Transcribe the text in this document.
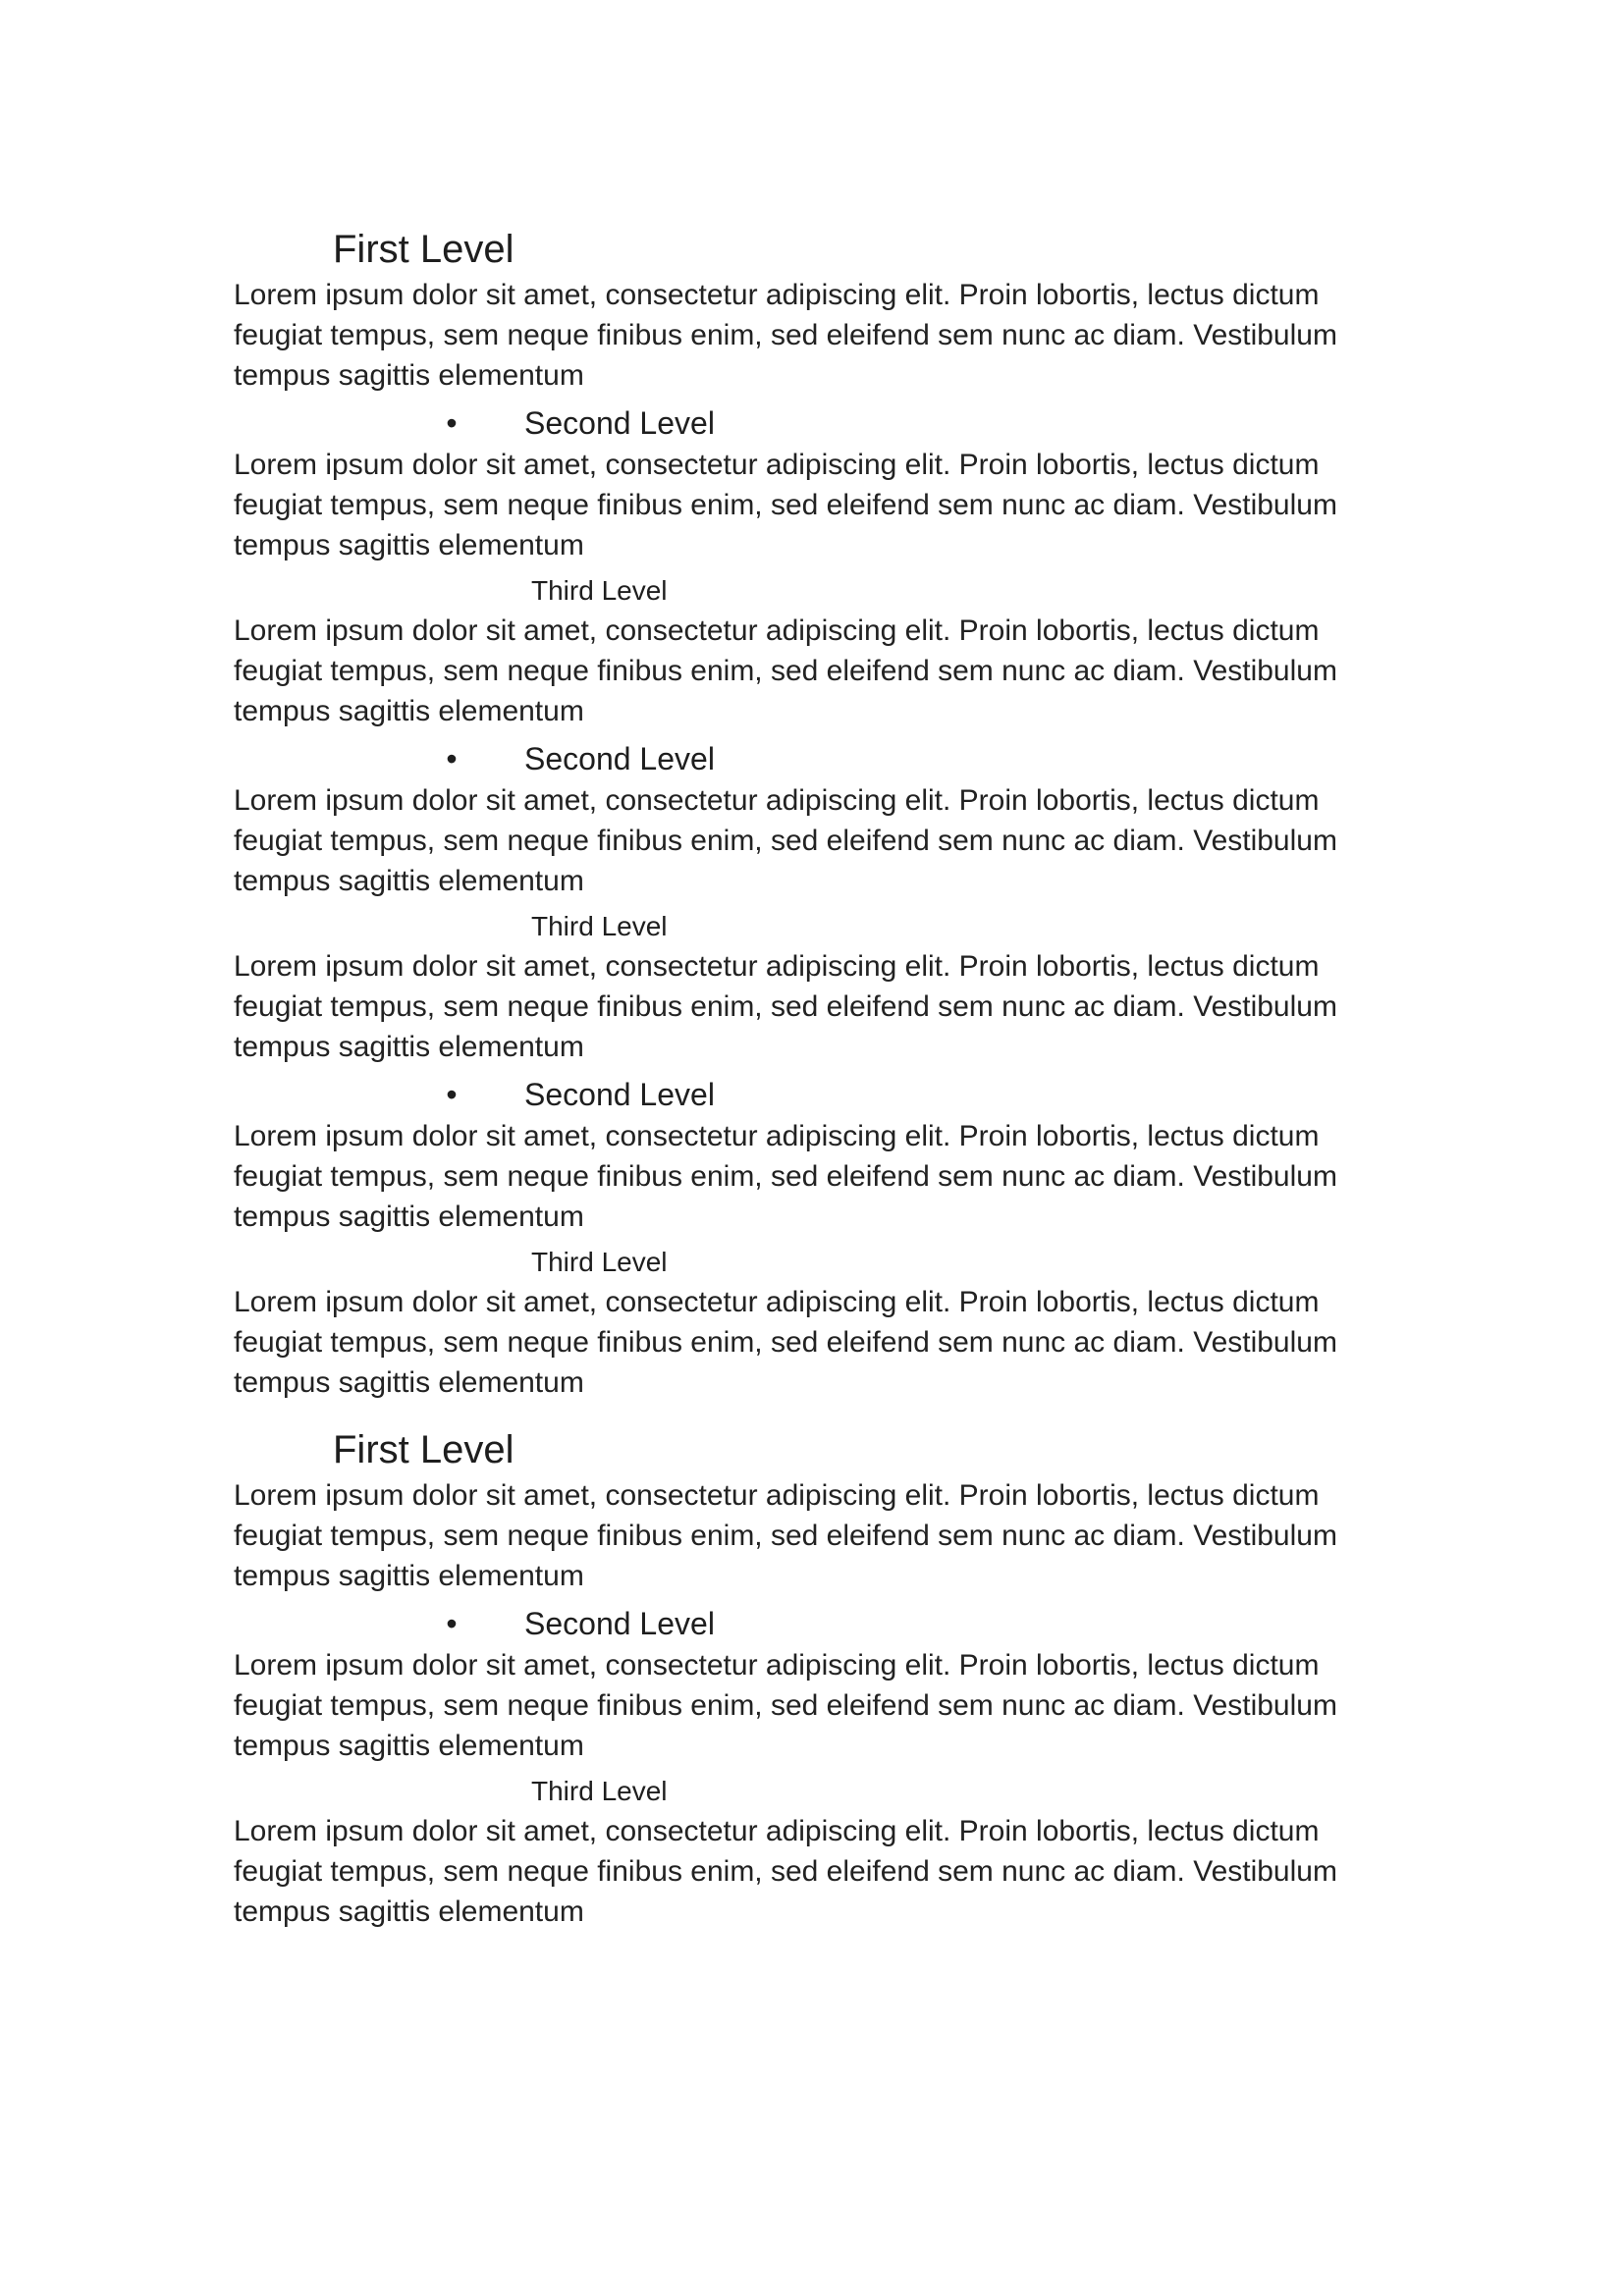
First Level

Lorem ipsum dolor sit amet, consectetur adipiscing elit. Proin lobortis, lectus dictum feugiat tempus, sem neque finibus enim, sed eleifend sem nunc ac diam. Vestibulum tempus sagittis elementum

•	Second Level

Lorem ipsum dolor sit amet, consectetur adipiscing elit. Proin lobortis, lectus dictum feugiat tempus, sem neque finibus enim, sed eleifend sem nunc ac diam. Vestibulum tempus sagittis elementum

Third Level

Lorem ipsum dolor sit amet, consectetur adipiscing elit. Proin lobortis, lectus dictum feugiat tempus, sem neque finibus enim, sed eleifend sem nunc ac diam. Vestibulum tempus sagittis elementum

•	Second Level

Lorem ipsum dolor sit amet, consectetur adipiscing elit. Proin lobortis, lectus dictum feugiat tempus, sem neque finibus enim, sed eleifend sem nunc ac diam. Vestibulum tempus sagittis elementum

Third Level

Lorem ipsum dolor sit amet, consectetur adipiscing elit. Proin lobortis, lectus dictum feugiat tempus, sem neque finibus enim, sed eleifend sem nunc ac diam. Vestibulum tempus sagittis elementum

•	Second Level

Lorem ipsum dolor sit amet, consectetur adipiscing elit. Proin lobortis, lectus dictum feugiat tempus, sem neque finibus enim, sed eleifend sem nunc ac diam. Vestibulum tempus sagittis elementum

Third Level

Lorem ipsum dolor sit amet, consectetur adipiscing elit. Proin lobortis, lectus dictum feugiat tempus, sem neque finibus enim, sed eleifend sem nunc ac diam. Vestibulum tempus sagittis elementum

First Level

Lorem ipsum dolor sit amet, consectetur adipiscing elit. Proin lobortis, lectus dictum feugiat tempus, sem neque finibus enim, sed eleifend sem nunc ac diam. Vestibulum tempus sagittis elementum

•	Second Level

Lorem ipsum dolor sit amet, consectetur adipiscing elit. Proin lobortis, lectus dictum feugiat tempus, sem neque finibus enim, sed eleifend sem nunc ac diam. Vestibulum tempus sagittis elementum

Third Level

Lorem ipsum dolor sit amet, consectetur adipiscing elit. Proin lobortis, lectus dictum feugiat tempus, sem neque finibus enim, sed eleifend sem nunc ac diam. Vestibulum tempus sagittis elementum
